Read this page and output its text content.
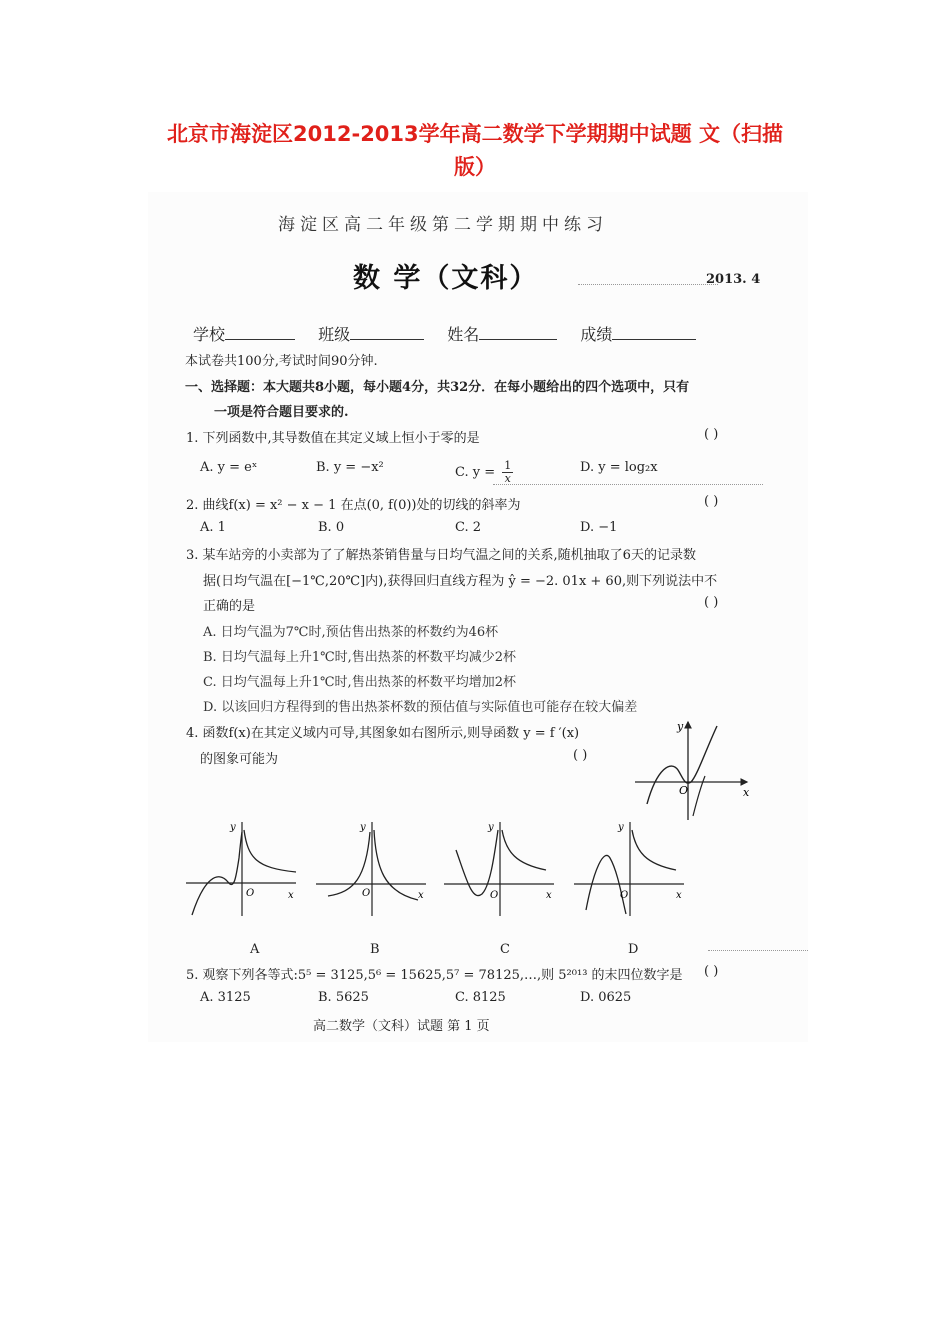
北京市海淀区2012-2013学年高二数学下学期期中试题 文（扫描
版）
海淀区高二年级第二学期期中练习
数 学（文科）	2013. 4
学校	班级	姓名	成绩
本试卷共100分,考试时间90分钟.
一、选择题：本大题共8小题，每小题4分，共32分．在每小题给出的四个选项中，只有
一项是符合题目要求的.
1. 下列函数中,其导数值在其定义域上恒小于零的是	( )
A. y = eˣ	B. y = −x²	C. $y = \frac{1}{x}$	D. y = log₂x
2. 曲线f(x) = x² − x − 1 在点(0, f(0))处的切线的斜率为	( )
A. 1	B. 0	C. 2	D. −1
3. 某车站旁的小卖部为了了解热茶销售量与日均气温之间的关系,随机抽取了6天的记录数
据(日均气温在[−1℃,20℃]内),获得回归直线方程为 ŷ = −2. 01x + 60,则下列说法中不
正确的是	( )
A. 日均气温为7℃时,预估售出热茶的杯数约为46杯
B. 日均气温每上升1℃时,售出热茶的杯数平均减少2杯
C. 日均气温每上升1℃时,售出热茶的杯数平均增加2杯
D. 以该回归方程得到的售出热茶杯数的预估值与实际值也可能存在较大偏差
4. 函数f(x)在其定义域内可导,其图象如右图所示,则导函数 y = f ′(x)
的图象可能为	( )
O	x
y
O	x
y
O	x
y
O	x
y
O	x
y
A	B	C	D
5. 观察下列各等式:5⁵ = 3125,5⁶ = 15625,5⁷ = 78125,…,则 5²⁰¹³ 的末四位数字是 ( )
A. 3125	B. 5625	C. 8125	D. 0625
高二数学（文科）试题 第 1 页
